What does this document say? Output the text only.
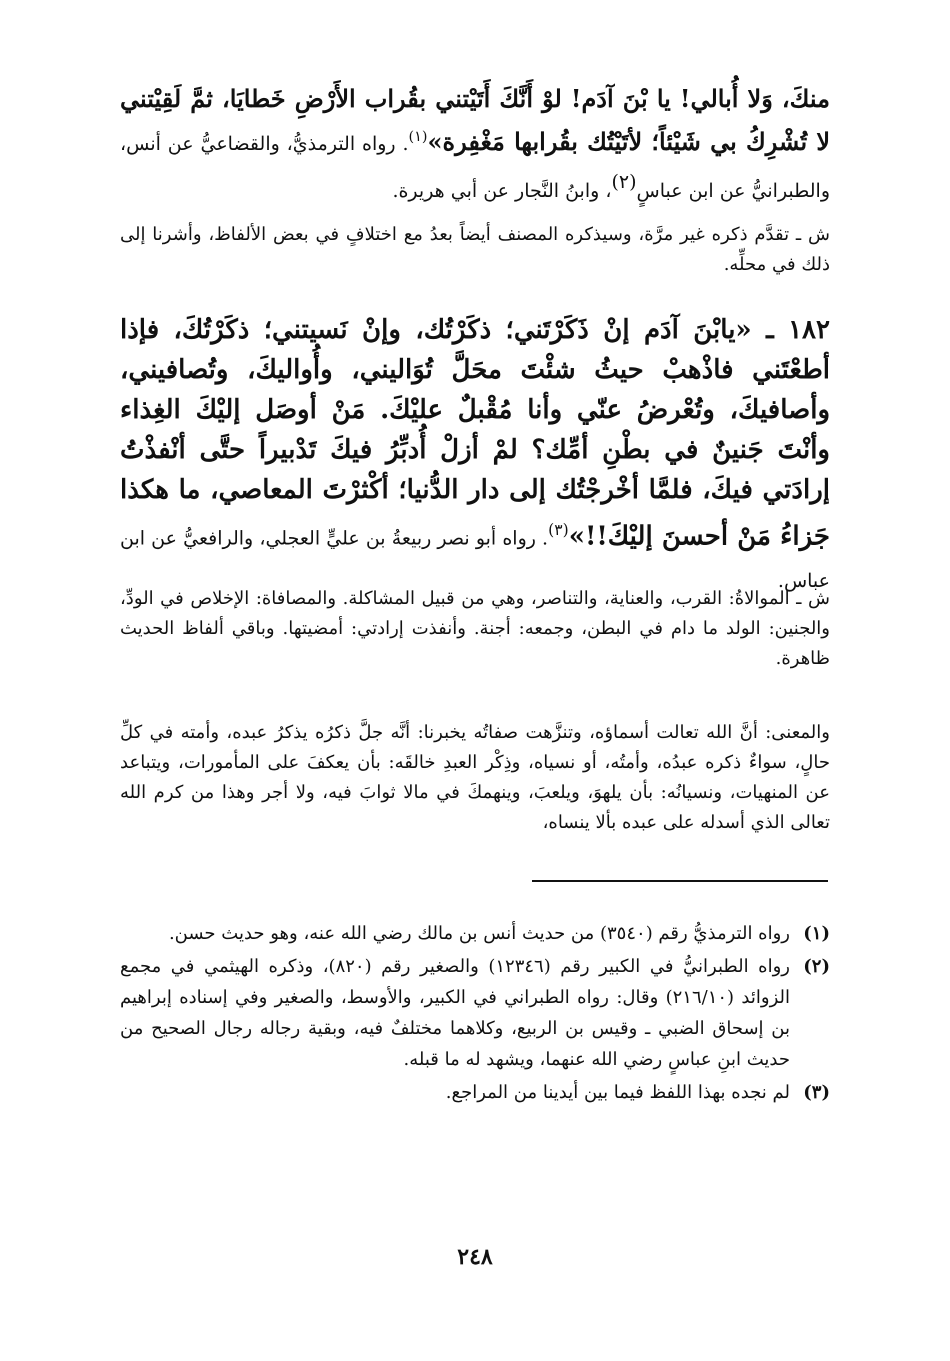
منكَ، وَلا أُبالي! يا بْنَ آدَم! لوْ أَنَّكَ أَتَيْتني بقُراب الأَرْضِ خَطايَا، ثمَّ لَقِيْتني لا تُشْرِكُ بي شَيْئاً؛ لأتَيْتُك بقُرابها مَغْفِرة»$^{(١)}$. رواه الترمذيُّ، والقضاعيُّ عن أنس، والطبرانيُّ عن ابن عباسٍ$^{(٢)}$، وابنُ النَّجار عن أبي هريرة.
ش ـ تقدَّم ذكره غير مرَّة، وسيذكره المصنف أيضاً بعدُ مع اختلافٍ في بعض الألفاظ، وأشرنا إلى ذلك في محلِّه.
١٨٢ ـ «يابْنَ آدَم إنْ ذَكَرْتَني؛ ذكَرْتُك، وإنْ نَسيتني؛ ذكَرْتُكَ، فإذا أطعْتَني فاذْهبْ حيثُ شئْتَ محَلَّ تُوَاليني، وأُواليكَ، وتُصافيني، وأصافيكَ، وتُعْرضُ عنّي وأنا مُقْبلٌ عليْكَ. مَنْ أوصَل إليْكَ الغِذاء وأنْتَ جَنينٌ في بطْنِ أمِّك؟ لمْ أزلْ أُدبِّرُ فيكَ تَدْبيراً حتَّى أنْفذْتُ إرادَتي فيكَ، فلمَّا أخْرجْتُك إلى دار الدُّنيا؛ أكْثرْتَ المعاصي، ما هكذا جَزاءُ مَنْ أحسنَ إليْكَ!!»$^{(٣)}$. رواه أبو نصر ربيعةُ بن عليٍّ العجلي، والرافعيُّ عن ابن عباس.
ش ـ الموالاةُ: القرب، والعناية، والتناصر، وهي من قبيل المشاكلة. والمصافاة: الإخلاص في الودِّ، والجنين: الولد ما دام في البطن، وجمعه: أجنة. وأنفذت إرادتي: أمضيتها. وباقي ألفاظ الحديث ظاهرة.
والمعنى: أنَّ الله تعالت أسماؤه، وتنزَّهت صفاتُه يخبرنا: أنَّه جلَّ ذكرُه يذكرُ عبده، وأمته في كلِّ حالٍ، سواءٌ ذكره عبدُه، وأمتُه، أو نسياه، وذِكْر العبدِ خالقَه: بأن يعكفَ على المأمورات، ويتباعد عن المنهيات، ونسيانُه: بأن يلهوَ، ويلعبَ، وينهمكَ في مالا ثوابَ فيه، ولا أجر وهذا من كرم الله تعالى الذي أسدله على عبده بألا ينساه،
(١)
رواه الترمذيُّ رقم (٣٥٤٠) من حديث أنس بن مالك رضي الله عنه، وهو حديث حسن.
(٢)
رواه الطبرانيُّ في الكبير رقم (١٢٣٤٦) والصغير رقم (٨٢٠)، وذكره الهيثمي في مجمع الزوائد (٢١٦/١٠) وقال: رواه الطبراني في الكبير، والأوسط، والصغير وفي إسناده إبراهيم بن إسحاق الضبي ـ وقيس بن الربيع، وكلاهما مختلفٌ فيه، وبقية رجاله رجال الصحيح من حديث ابنِ عباسٍ رضي الله عنهما، ويشهد له ما قبله.
(٣)
لم نجده بهذا اللفظ فيما بين أيدينا من المراجع.
٢٤٨
